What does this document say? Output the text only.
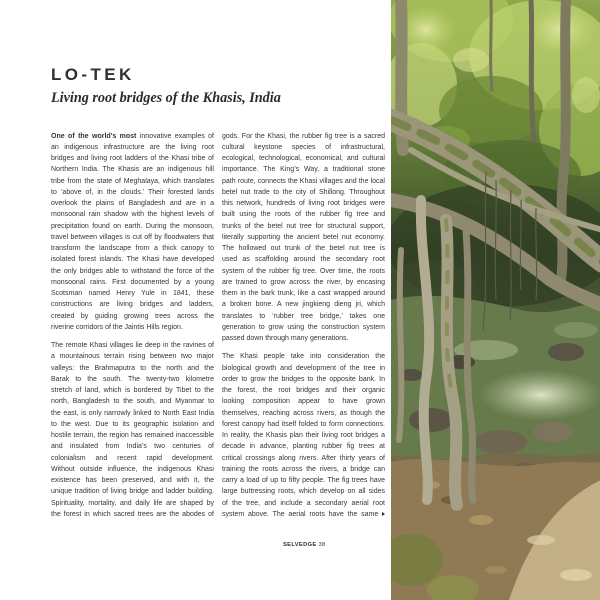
LO-TEK
Living root bridges of the Khasis, India
One of the world’s most innovative examples of
an indigenous infrastructure are the living root
bridges and living root ladders of the Khasi tribe of
Northern India. The Khasis are an indigenous hill
tribe from the state of Meghalaya, which translates
to ‘above of, in the clouds.’ Their forested lands
overlook the plains of Bangladesh and are in a
monsoonal rain shadow with the highest levels of
precipitation found on earth. During the monsoon,
travel between villages is cut off by floodwaters that
transform the landscape from a thick canopy to
isolated forest islands. The Khasi have developed
the only bridges able to withstand the force of the
monsoonal rains. First documented by a young
Scotsman named Henry Yule in 1841, these
constructions are living bridges and ladders,
created by guiding growing trees across the
riverine corridors of the Jaintis Hills region.
The remote Khasi villages lie deep in the ravines of
a mountainous terrain rising between two major
valleys: the Brahmaputra to the north and the
Barak to the south. The twenty-two kilometre
stretch of land, which is bordered by Tibet to the
north, Bangladesh to the south, and Myanmar to
the east, is only narrowly linked to North East India
to the west. Due to its geographic isolation and
hostile terrain, the region has remained inaccessible
and insulated from India’s two centuries of
colonialism and recent rapid development.
Without outside influence, the indigenous Khasi
existence has been preserved, and with it, the
unique tradition of living bridge and ladder building.
Spirituality, mortality, and daily life are shaped by
the forest in which sacred trees are the abodes of
gods. For the Khasi, the rubber fig tree is a sacred
cultural keystone species of infrastructural,
ecological, technological, economical, and cultural
importance. The King’s Way, a traditional stone
path route, connects the Khasi villages and the local
betel nut trade to the city of Shillong. Throughout
this network, hundreds of living root bridges were
built using the roots of the rubber fig tree and
trunks of the betel nut tree for structural support,
literally supporting the ancient betel nut economy.
The hollowed out trunk of the betel nut tree is
used as scaffolding around the secondary root
system of the rubber fig tree. Over time, the roots
are trained to grow across the river, by encasing
them in the bark trunk, like a cast wrapped around
a broken bone. A new jingkieng dieng jri, which
translates to ‘rubber tree bridge,’ takes one
generation to grow using the construction system
passed down through many generations.
The Khasi people take into consideration the
biological growth and development of the tree in
order to grow the bridges to the opposite bank. In
the forest, the root bridges and their organic
looking composition appear to have grown
themselves, reaching across rivers, as though the
forest canopy had itself folded to form connections.
In reality, the Khasis plan their living root bridges a
decade in advance, planting rubber fig trees at
critical crossings along rivers. After thirty years of
training the roots across the rivers, a bridge can
carry a load of up to fifty people. The fig trees have
large buttressing roots, which develop on all sides
of the tree, and include a secondary aerial root
system above. The aerial roots have the same
SELVEDGE 38
